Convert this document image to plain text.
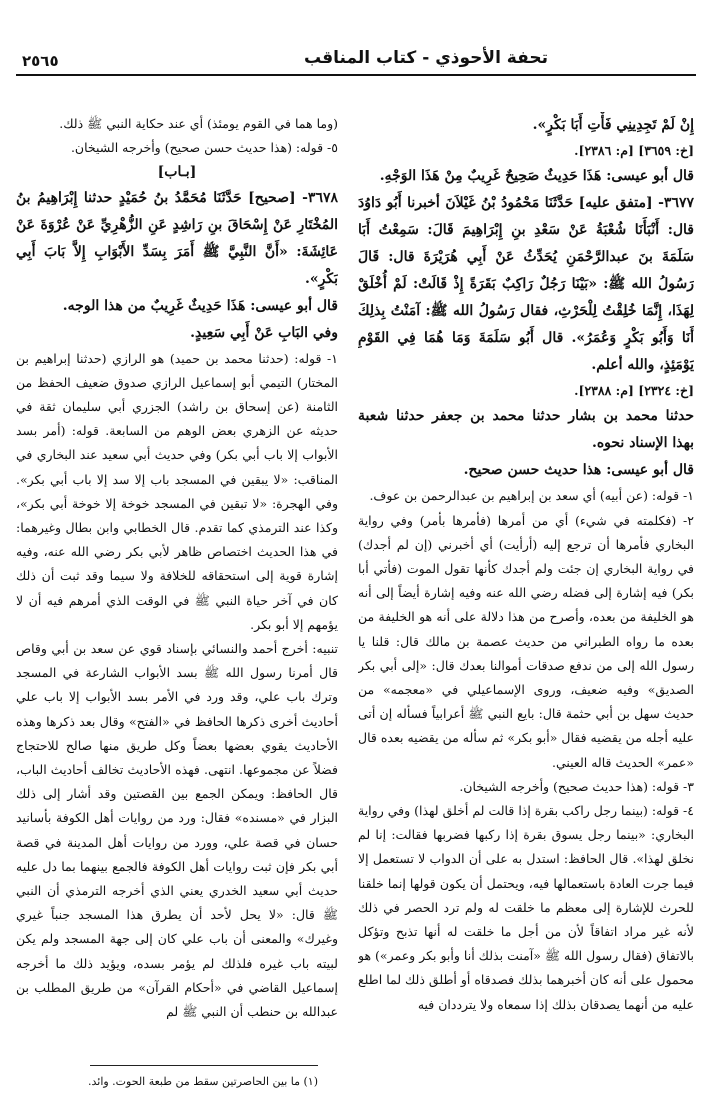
٢٥٦٥	تحفة الأحوذي - كتاب المناقب

إِنْ لَمْ تَجِدِينِي فَأْتِ أَبَا بَكْرٍ».

[خ: ٣٦٥٩] [م: ٢٣٨٦].

قال أبو عيسى: هَذَا حَدِيثٌ صَحِيحٌ غَرِيبٌ مِنْ هَذَا الوَجْهِ.

٣٦٧٧- [متفق عليه] حَدَّثَنَا مَحْمُودُ بْنُ غَيْلاَنَ أخبرنا أَبُو دَاوُدَ قال: أَنْبَأَنَا شُعْبَةُ عَنْ سَعْدِ بنِ إِبْرَاهِيمَ قَالَ: سَمِعْتُ أَبَا سَلَمَةَ بنَ عبدالرَّحْمَنِ يُحَدِّثُ عَنْ أَبِي هُرَيْرَةَ قال: قَالَ رَسُولُ الله ﷺ: «بَيْنَا رَجُلٌ رَاكِبٌ بَقَرَةً إِذْ قَالَتْ: لَمْ أُخْلَقْ لِهَذَا، إِنَّمَا خُلِقْتُ لِلْحَرْثِ، فقال رَسُولُ الله ﷺ: آمَنْتُ بِذلِكَ أَنَا وَأَبُو بَكْرٍ وَعُمَرُ». قال أَبُو سَلَمَةَ وَمَا هُمَا فِي القَوْمِ يَوْمَئِذٍ، والله أعلم.

[خ: ٢٣٢٤] [م: ٢٣٨٨].

حدثنا محمد بن بشار حدثنا محمد بن جعفر حدثنا شعبة بهذا الإسناد نحوه.

قال أبو عيسى: هذا حديث حسن صحيح.

١- قوله: (عن أبيه) أي سعد بن إبراهيم بن عبدالرحمن بن عوف.

٢- (فكلمته في شيء) أي من أمرها (فأمرها بأمر) وفي رواية البخاري فأمرها أن ترجع إليه (أرأيت) أي أخبرني (إن لم أجدك) في رواية البخاري إن جئت ولم أجدك كأنها تقول الموت (فأتي أبا بكر) فيه إشارة إلى فضله رضي الله عنه وفيه إشارة أيضاً إلى أنه هو الخليفة من بعده، وأصرح من هذا دلالة على أنه هو الخليفة من بعده ما رواه الطبراني من حديث عصمة بن مالك قال: قلنا يا رسول الله إلى من ندفع صدقات أموالنا بعدك قال: «إلى أبي بكر الصديق» وفيه ضعيف، وروى الإسماعيلي في «معجمه» من حديث سهل بن أبي حثمة قال: بايع النبي ﷺ أعرابياً فسأله إن أتى عليه أجله من يقضيه فقال «أبو بكر» ثم سأله من يقضيه بعده قال «عمر» الحديث قاله العيني.

٣- قوله: (هذا حديث صحيح) وأخرجه الشيخان.

٤- قوله: (بينما رجل راكب بقرة إذا قالت لم أخلق لهذا) وفي رواية البخاري: «بينما رجل يسوق بقرة إذا ركبها فضربها فقالت: إنا لم نخلق لهذا». قال الحافظ: استدل به على أن الدواب لا تستعمل إلا فيما جرت العادة باستعمالها فيه، ويحتمل أن يكون قولها إنما خلقنا للحرث للإشارة إلى معظم ما خلقت له ولم ترد الحصر في ذلك لأنه غير مراد اتفاقاً لأن من أجل ما خلقت له أنها تذبح وتؤكل بالاتفاق (فقال رسول الله ﷺ «آمنت بذلك أنا وأبو بكر وعمر») هو محمول على أنه كان أخبرهما بذلك فصدقاه أو أطلق ذلك لما اطلع عليه من أنهما يصدقان بذلك إذا سمعاه ولا يترددان فيه

(وما هما في القوم يومئذ) أي عند حكاية النبي ﷺ ذلك.

٥- قوله: (هذا حديث حسن صحيح) وأخرجه الشيخان.

[بـاب]

٣٦٧٨- [صحيح] حَدَّثَنَا مُحَمَّدُ بنُ حُمَيْدٍ حدثنا إِبْرَاهِيمُ بنُ المُخْتَارِ عَنْ إِسْحَاقَ بنِ رَاشِدٍ عَنِ الزُّهْرِيِّ عَنْ عُرْوَةَ عَنْ عَائِشَةَ: «أَنَّ النَّبِيَّ ﷺ أَمَرَ بِسَدِّ الأَبْوَابِ إِلاَّ بَابَ أَبِي بَكْرٍ».

قال أبو عيسى: هَذَا حَدِيثٌ غَرِيبٌ من هذا الوجه.

وفي البَابِ عَنْ أَبِي سَعِيدٍ.

١- قوله: (حدثنا محمد بن حميد) هو الرازي (حدثنا إبراهيم بن المختار) التيمي أبو إسماعيل الرازي صدوق ضعيف الحفظ من الثامنة (عن إسحاق بن راشد) الجزري أبي سليمان ثقة في حديثه عن الزهري بعض الوهم من السابعة. قوله: (أمر بسد الأبواب إلا باب أبي بكر) وفي حديث أبي سعيد عند البخاري في المناقب: «لا يبقين في المسجد باب إلا سد إلا باب أبي بكر». وفي الهجرة: «لا تبقين في المسجد خوخة إلا خوخة أبي بكر»، وكذا عند الترمذي كما تقدم. قال الخطابي وابن بطال وغيرهما: في هذا الحديث اختصاص ظاهر لأبي بكر رضي الله عنه، وفيه إشارة قوية إلى استحقاقه للخلافة ولا سيما وقد ثبت أن ذلك كان في آخر حياة النبي ﷺ في الوقت الذي أمرهم فيه أن لا يؤمهم إلا أبو بكر.

تنبيه: أخرج أحمد والنسائي بإسناد قوي عن سعد بن أبي وقاص قال أمرنا رسول الله ﷺ بسد الأبواب الشارعة في المسجد وترك باب علي، وقد ورد في الأمر بسد الأبواب إلا باب علي أحاديث أخرى ذكرها الحافظ في «الفتح» وقال بعد ذكرها وهذه الأحاديث يقوي بعضها بعضاً وكل طريق منها صالح للاحتجاج فضلاً عن مجموعها. انتهى. فهذه الأحاديث تخالف أحاديث الباب، قال الحافظ: ويمكن الجمع بين القصتين وقد أشار إلى ذلك البزار في «مسنده» فقال: ورد من روايات أهل الكوفة بأسانيد حسان في قصة علي، وورد من روايات أهل المدينة في قصة أبي بكر فإن ثبت روايات أهل الكوفة فالجمع بينهما بما دل عليه حديث أبي سعيد الخدري يعني الذي أخرجه الترمذي أن النبي ﷺ قال: «لا يحل لأحد أن يطرق هذا المسجد جنباً غيري وغيرك» والمعنى أن باب علي كان إلى جهة المسجد ولم يكن لبيته باب غيره فلذلك لم يؤمر بسده، ويؤيد ذلك ما أخرجه إسماعيل القاضي في «أحكام القرآن» من طريق المطلب بن عبدالله بن حنطب أن النبي ﷺ لم

(١) ما بين الحاصرتين سقط من طبعة الحوت. وائد.
